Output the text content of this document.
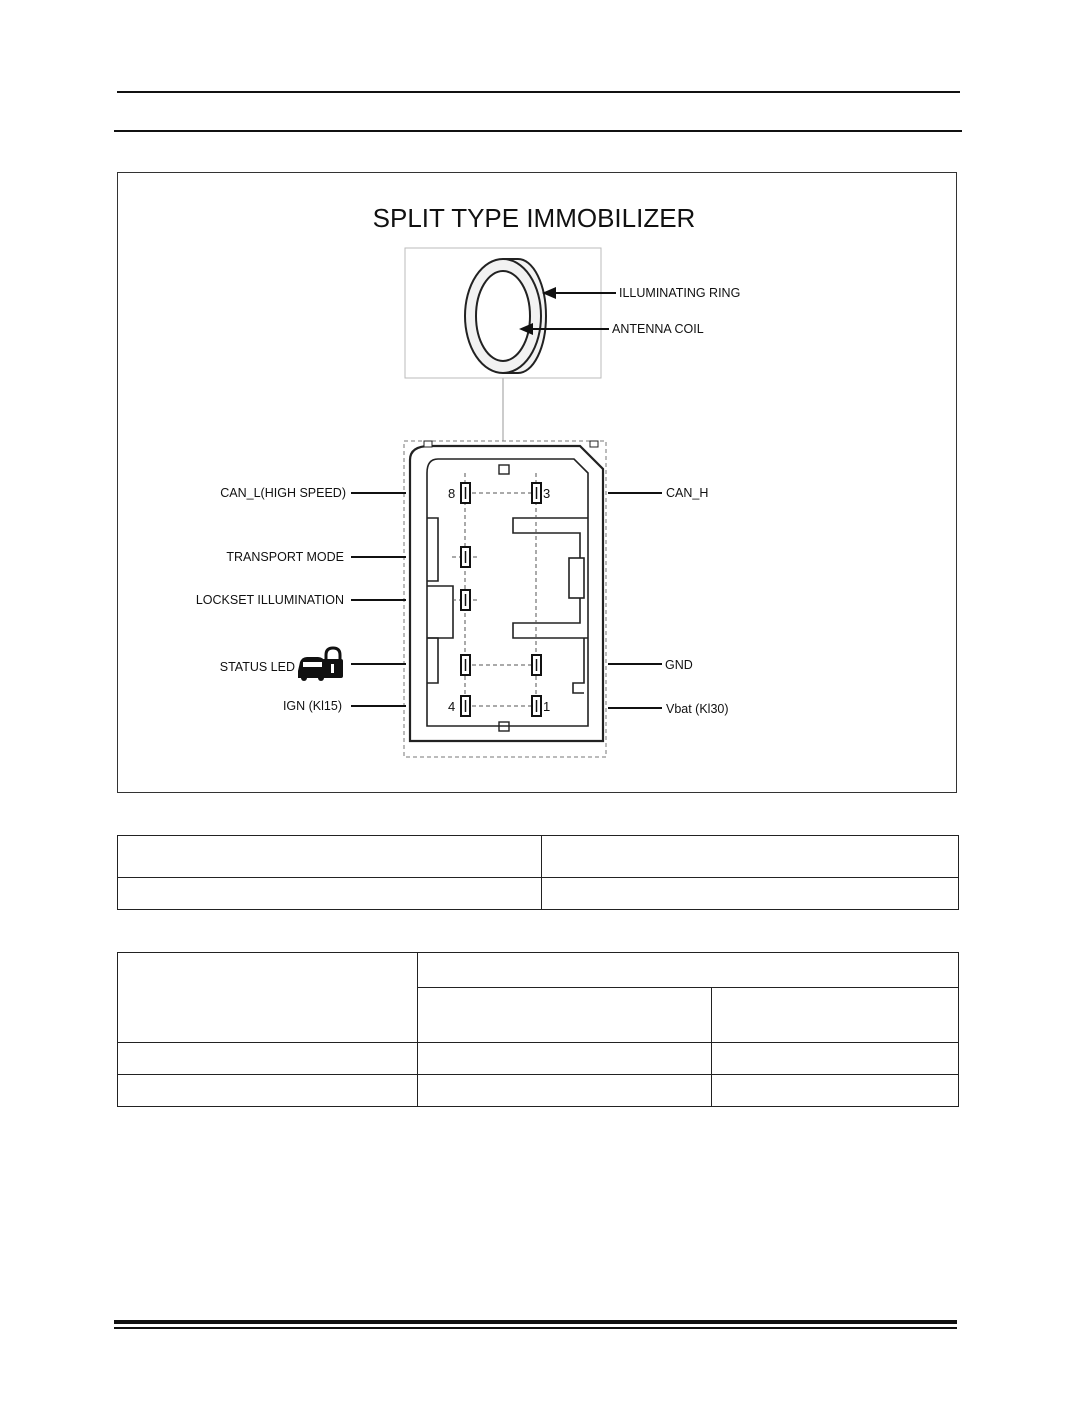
SPLIT TYPE IMMOBILIZER
ILLUMINATING RING
ANTENNA COIL
8	3
4	1
CAN_L(HIGH SPEED)
TRANSPORT MODE
LOCKSET ILLUMINATION
STATUS LED
IGN (Kl15)
CAN_H
GND
Vbat (Kl30)
